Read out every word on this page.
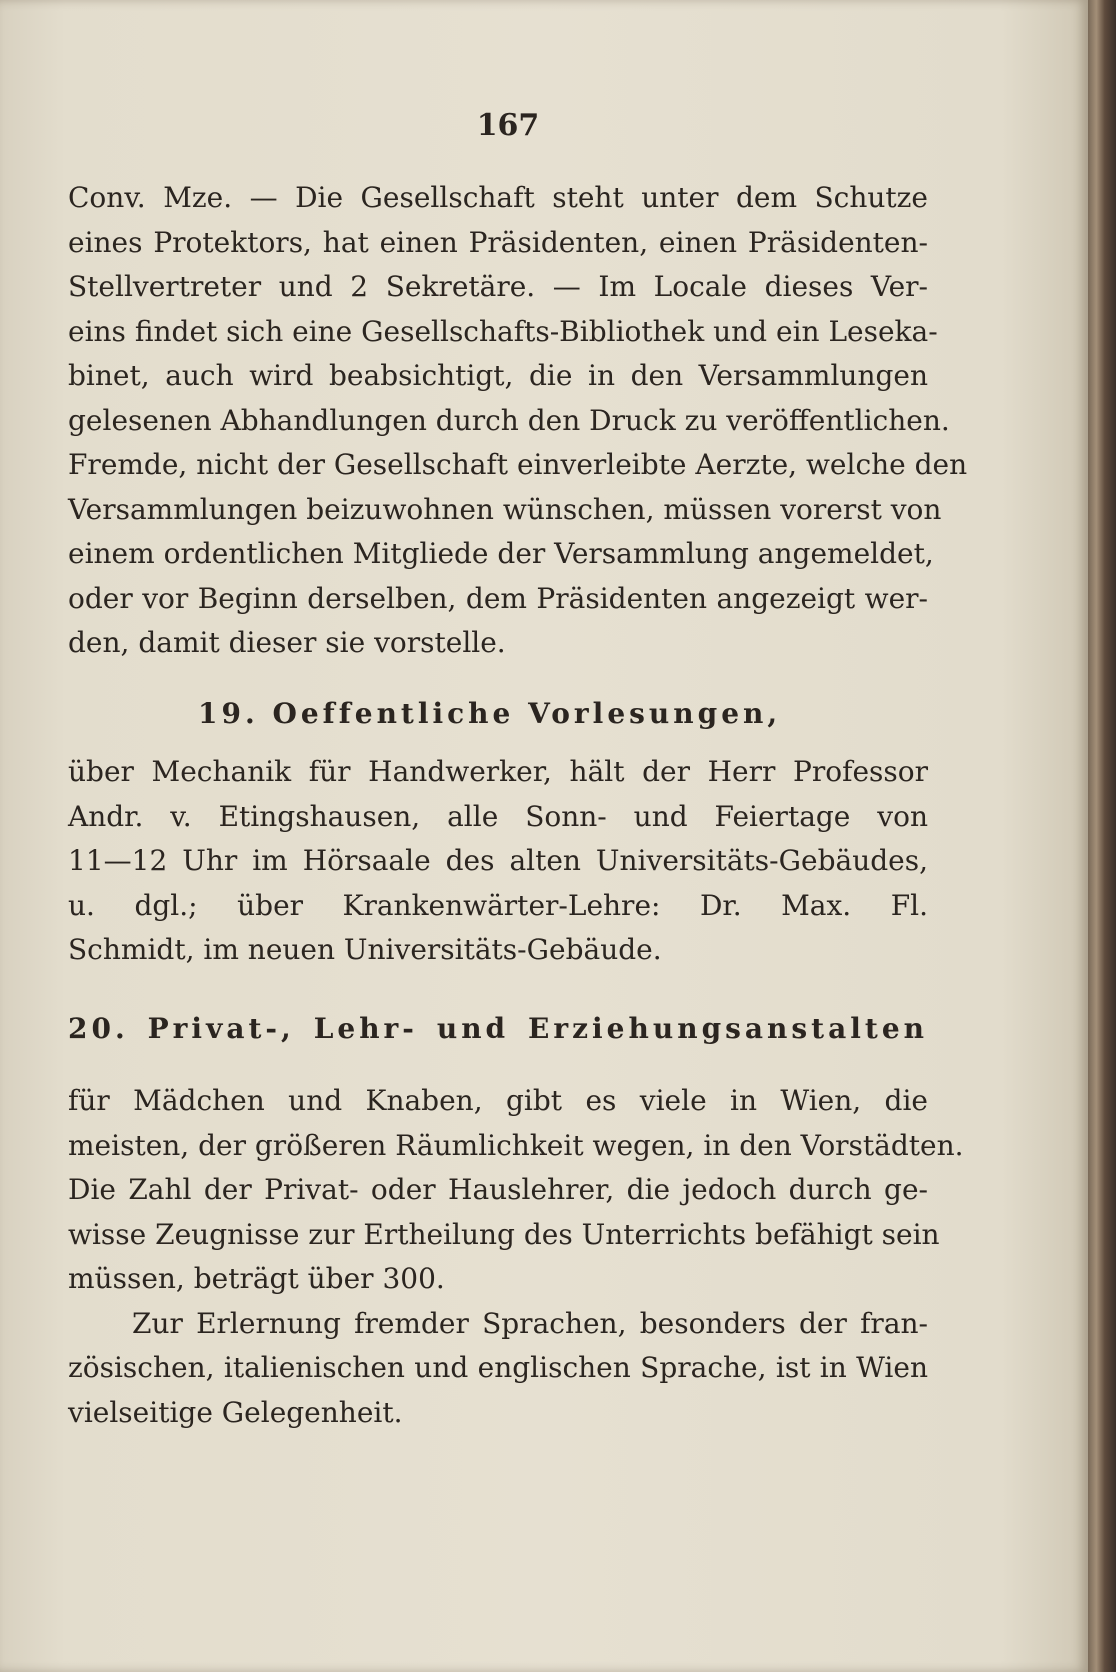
167
Conv. Mze. — Die Gesellschaft steht unter dem Schutze
eines Protektors, hat einen Präsidenten, einen Präsidenten-
Stellvertreter und 2 Sekretäre. — Im Locale dieses Ver-
eins findet sich eine Gesellschafts-Bibliothek und ein Leseka-
binet, auch wird beabsichtigt, die in den Versammlungen
gelesenen Abhandlungen durch den Druck zu veröffentlichen.
Fremde, nicht der Gesellschaft einverleibte Aerzte, welche den
Versammlungen beizuwohnen wünschen, müssen vorerst von
einem ordentlichen Mitgliede der Versammlung angemeldet,
oder vor Beginn derselben, dem Präsidenten angezeigt wer-
den, damit dieser sie vorstelle.
19. Oeffentliche Vorlesungen,
über Mechanik für Handwerker, hält der Herr Professor
Andr. v. Etingshausen, alle Sonn- und Feiertage von
11—12 Uhr im Hörsaale des alten Universitäts-Gebäudes,
u. dgl.; über Krankenwärter-Lehre: Dr. Max. Fl.
Schmidt, im neuen Universitäts-Gebäude.
20. Privat-, Lehr- und Erziehungsanstalten
für Mädchen und Knaben, gibt es viele in Wien, die
meisten, der größeren Räumlichkeit wegen, in den Vorstädten.
Die Zahl der Privat- oder Hauslehrer, die jedoch durch ge-
wisse Zeugnisse zur Ertheilung des Unterrichts befähigt sein
müssen, beträgt über 300.
Zur Erlernung fremder Sprachen, besonders der fran-
zösischen, italienischen und englischen Sprache, ist in Wien
vielseitige Gelegenheit.
